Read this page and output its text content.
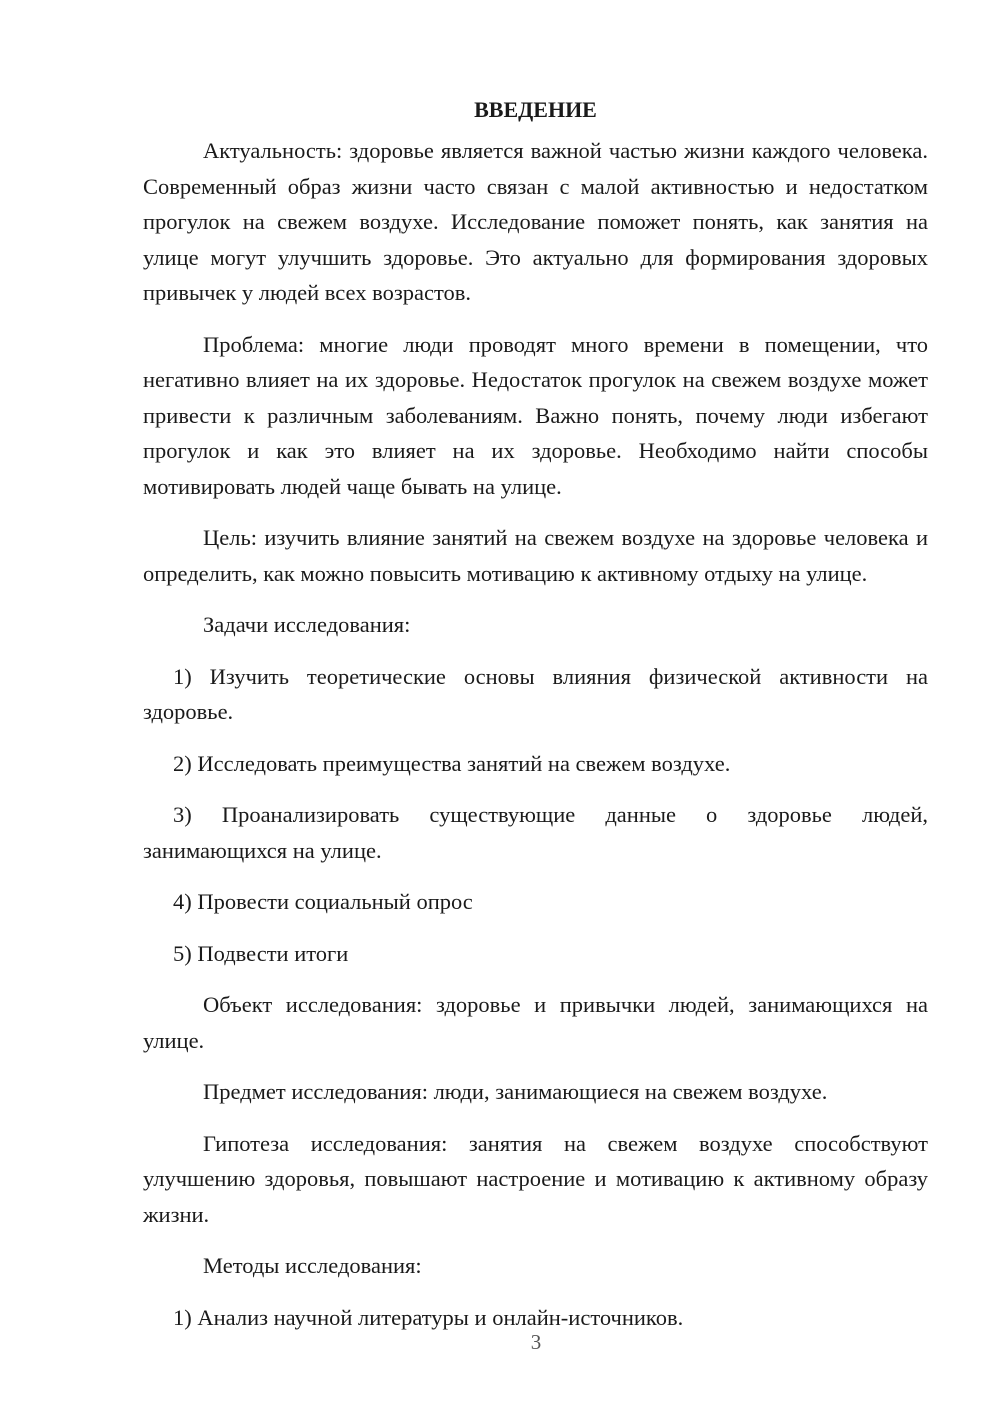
ВВЕДЕНИЕ

Актуальность: здоровье является важной частью жизни каждого человека. Современный образ жизни часто связан с малой активностью и недостатком прогулок на свежем воздухе. Исследование поможет понять, как занятия на улице могут улучшить здоровье. Это актуально для формирования здоровых привычек у людей всех возрастов.

Проблема: многие люди проводят много времени в помещении, что негативно влияет на их здоровье. Недостаток прогулок на свежем воздухе может привести к различным заболеваниям. Важно понять, почему люди избегают прогулок и как это влияет на их здоровье. Необходимо найти способы мотивировать людей чаще бывать на улице.

Цель: изучить влияние занятий на свежем воздухе на здоровье человека и определить, как можно повысить мотивацию к активному отдыху на улице.

Задачи исследования:

1) Изучить теоретические основы влияния физической активности на здоровье.

2) Исследовать преимущества занятий на свежем воздухе.

3) Проанализировать существующие данные о здоровье людей, занимающихся на улице.

4) Провести социальный опрос

5) Подвести итоги

Объект исследования: здоровье и привычки людей, занимающихся на улице.

Предмет исследования: люди, занимающиеся на свежем воздухе.

Гипотеза исследования: занятия на свежем воздухе способствуют улучшению здоровья, повышают настроение и мотивацию к активному образу жизни.

Методы исследования:

1) Анализ научной литературы и онлайн-источников.

3
